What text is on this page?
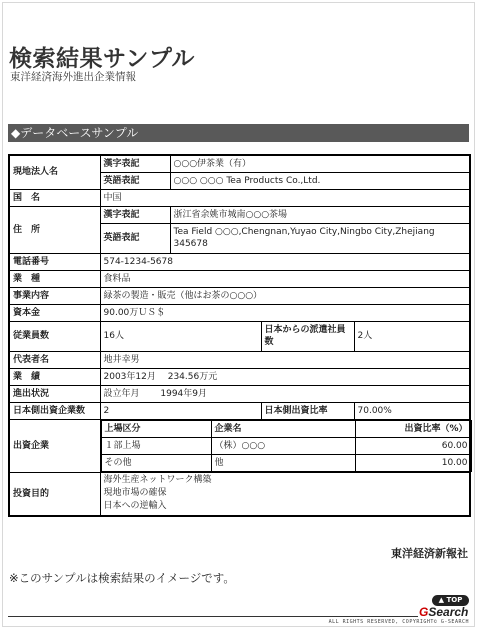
検索結果サンプル
東洋経済海外進出企業情報
◆データベースサンプル
現地法人名	漢字表記	○○○伊茶業（有）
英語表記	○○○ ○○○ Tea Products Co.,Ltd.
国　名	中国
住　所	漢字表記	浙江省余姚市城南○○○茶場
英語表記	Tea Field ○○○,Chengnan,Yuyao City,Ningbo City,Zhejiang 345678
電話番号	574-1234-5678
業　種	食料品
事業内容	緑茶の製造・販売（他はお茶の○○○）
資本金	90.00万ＵＳ＄
従業員数	16人	日本からの派遣社員数	2人
代表者名	地井幸男
業　績	2003年12月　 234.56万元
進出状況	設立年月　　 1994年9月
日本側出資企業数	2	日本側出資比率	70.00%
出資企業	
上場区分	企業名	出資比率（%）
１部上場	（株）○○○	60.00
その他	他	10.00

投資目的	
海外生産ネットワーク構築
現地市場の確保
日本への逆輸入
東洋経済新報社
※このサンプルは検索結果のイメージです。
▲ TOP
GSearch
ALL RIGHTS RESERVED, COPYRIGHT© G-SEARCH
